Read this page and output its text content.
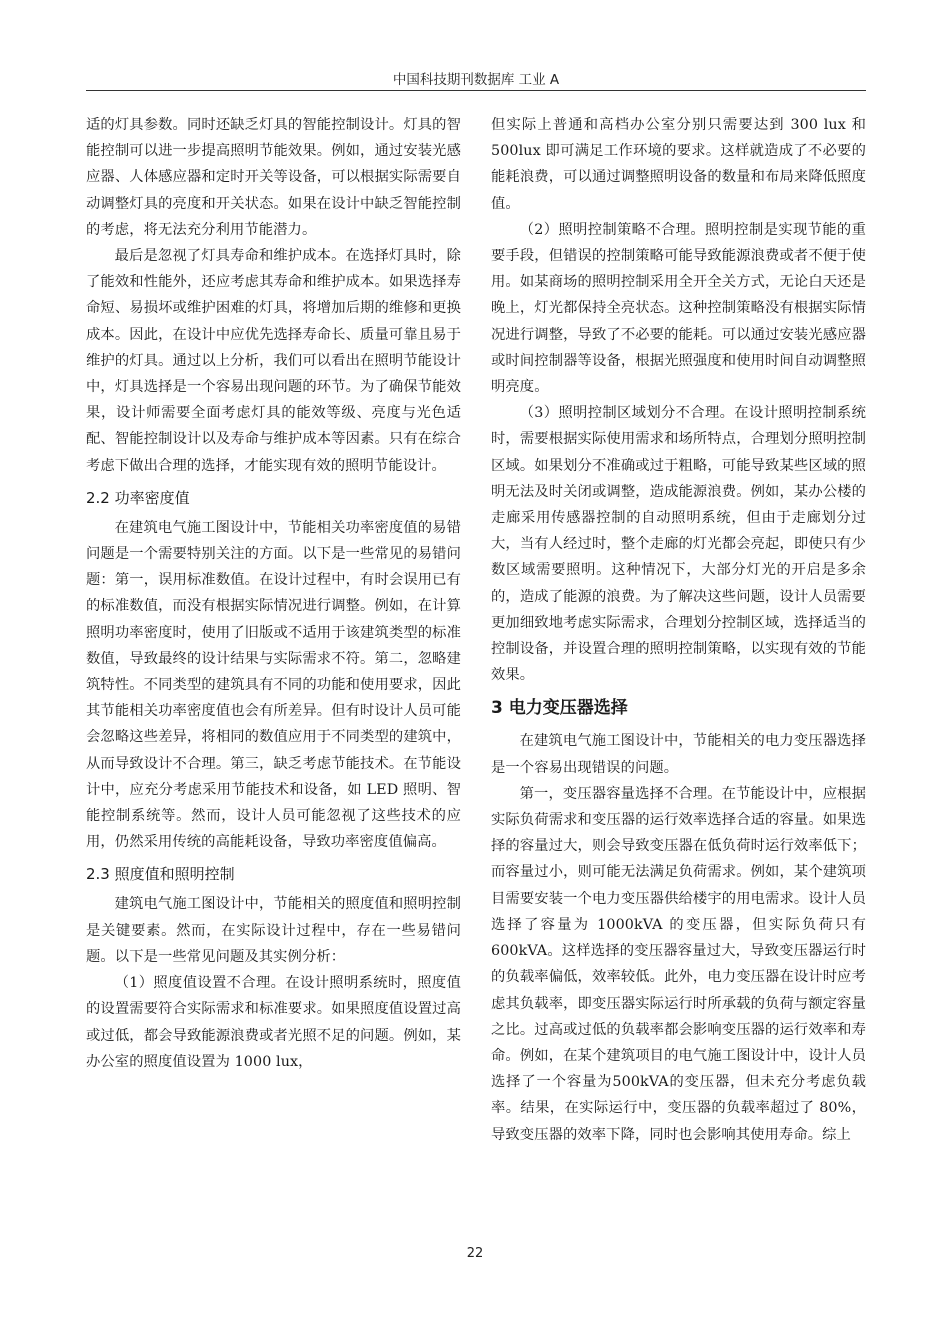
中国科技期刊数据库 工业 A

适的灯具参数。同时还缺乏灯具的智能控制设计。灯具的智能控制可以进一步提高照明节能效果。例如，通过安装光感应器、人体感应器和定时开关等设备，可以根据实际需要自动调整灯具的亮度和开关状态。如果在设计中缺乏智能控制的考虑，将无法充分利用节能潜力。

最后是忽视了灯具寿命和维护成本。在选择灯具时，除了能效和性能外，还应考虑其寿命和维护成本。如果选择寿命短、易损坏或维护困难的灯具，将增加后期的维修和更换成本。因此，在设计中应优先选择寿命长、质量可靠且易于维护的灯具。通过以上分析，我们可以看出在照明节能设计中，灯具选择是一个容易出现问题的环节。为了确保节能效果，设计师需要全面考虑灯具的能效等级、亮度与光色适配、智能控制设计以及寿命与维护成本等因素。只有在综合考虑下做出合理的选择，才能实现有效的照明节能设计。

2.2 功率密度值

在建筑电气施工图设计中，节能相关功率密度值的易错问题是一个需要特别关注的方面。以下是一些常见的易错问题：第一，误用标准数值。在设计过程中，有时会误用已有的标准数值，而没有根据实际情况进行调整。例如，在计算照明功率密度时，使用了旧版或不适用于该建筑类型的标准数值，导致最终的设计结果与实际需求不符。第二，忽略建筑特性。不同类型的建筑具有不同的功能和使用要求，因此其节能相关功率密度值也会有所差异。但有时设计人员可能会忽略这些差异，将相同的数值应用于不同类型的建筑中，从而导致设计不合理。第三，缺乏考虑节能技术。在节能设计中，应充分考虑采用节能技术和设备，如 LED 照明、智能控制系统等。然而，设计人员可能忽视了这些技术的应用，仍然采用传统的高能耗设备，导致功率密度值偏高。

2.3 照度值和照明控制

建筑电气施工图设计中，节能相关的照度值和照明控制是关键要素。然而，在实际设计过程中，存在一些易错问题。以下是一些常见问题及其实例分析：

（1）照度值设置不合理。在设计照明系统时，照度值的设置需要符合实际需求和标准要求。如果照度值设置过高或过低，都会导致能源浪费或者光照不足的问题。例如，某办公室的照度值设置为 1000 lux，

但实际上普通和高档办公室分别只需要达到 300 lux 和 500lux 即可满足工作环境的要求。这样就造成了不必要的能耗浪费，可以通过调整照明设备的数量和布局来降低照度值。

（2）照明控制策略不合理。照明控制是实现节能的重要手段，但错误的控制策略可能导致能源浪费或者不便于使用。如某商场的照明控制采用全开全关方式，无论白天还是晚上，灯光都保持全亮状态。这种控制策略没有根据实际情况进行调整，导致了不必要的能耗。可以通过安装光感应器或时间控制器等设备，根据光照强度和使用时间自动调整照明亮度。

（3）照明控制区域划分不合理。在设计照明控制系统时，需要根据实际使用需求和场所特点，合理划分照明控制区域。如果划分不准确或过于粗略，可能导致某些区域的照明无法及时关闭或调整，造成能源浪费。例如，某办公楼的走廊采用传感器控制的自动照明系统，但由于走廊划分过大，当有人经过时，整个走廊的灯光都会亮起，即使只有少数区域需要照明。这种情况下，大部分灯光的开启是多余的，造成了能源的浪费。为了解决这些问题，设计人员需要更加细致地考虑实际需求，合理划分控制区域，选择适当的控制设备，并设置合理的照明控制策略，以实现有效的节能效果。

3 电力变压器选择

在建筑电气施工图设计中，节能相关的电力变压器选择是一个容易出现错误的问题。

第一，变压器容量选择不合理。在节能设计中，应根据实际负荷需求和变压器的运行效率选择合适的容量。如果选择的容量过大，则会导致变压器在低负荷时运行效率低下；而容量过小，则可能无法满足负荷需求。例如，某个建筑项目需要安装一个电力变压器供给楼宇的用电需求。设计人员选择了容量为 1000kVA 的变压器，但实际负荷只有 600kVA。这样选择的变压器容量过大，导致变压器运行时的负载率偏低，效率较低。此外，电力变压器在设计时应考虑其负载率，即变压器实际运行时所承载的负荷与额定容量之比。过高或过低的负载率都会影响变压器的运行效率和寿命。例如，在某个建筑项目的电气施工图设计中，设计人员选择了一个容量为500kVA的变压器，但未充分考虑负载率。结果，在实际运行中，变压器的负载率超过了 80%，导致变压器的效率下降，同时也会影响其使用寿命。综上

22
